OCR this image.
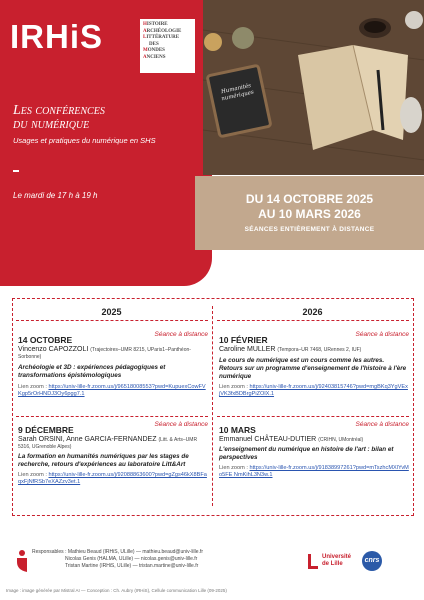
IRHiS	HISTOIRE
ARCHÉOLOGIE
LITTÉRATURE
DES
MONDES
ANCIENS
Les conférences
du numérique
Usages et pratiques du numérique en SHS
Le mardi de 17 h à 19 h
Humanités numériques
DU 14 OCTOBRE 2025
AU 10 MARS 2026
SÉANCES ENTIÈREMENT À DISTANCE
2025	2026
14 OCTOBRE
Séance à distance
Vincenzo CAPOZZOLI (Trajectoires–UMR 8215, UParis1–Panthéon-Sorbonne)
Archéologie et 3D : expériences pédagogiques et transformations épistémologiques
Lien zoom : https://univ-lille-fr.zoom.us/j/96518008553?pwd=KupuexCowFVKgp5rOrHNDJ3Oy6pgg7.1
9 DÉCEMBRE
Séance à distance
Sarah ORSINI, Anne GARCIA-FERNANDEZ (Litt. & Arts–UMR 5316, UGrenoble Alpes)
La formation en humanités numériques par les stages de recherche, retours d'expériences au laboratoire Litt&Art
Lien zoom : https://univ-lille-fr.zoom.us/j/92088863600?pwd=gZgs46kX8BFaqxFjNfRSb7eXAZzv3et.1
10 FÉVRIER
Séance à distance
Caroline MULLER (Tempora–UR 7468, URennes 2, IUF)
Le cours de numérique est un cours comme les autres. Retours sur un programme d'enseignement de l'histoire à l'ère numérique
Lien zoom : https://univ-lille-fr.zoom.us/j/92403815746?pwd=mgBKq3YgVExjVK3fxBDBrgPiZOlX.1
10 MARS
Séance à distance
Emmanuel CHÂTEAU-DUTIER (CRIHN, UMontréal)
L'enseignement du numérique en histoire de l'art : bilan et perspectives
Lien zoom : https://univ-lille-fr.zoom.us/j/91838997261?pwd=mTszhcMXlYvMo5FE NmKihL3N3w.1
Responsables : Mathieu Beaud (IRHiS, ULille) — mathieu.beaud@univ-lille.fr
Nicolas Genis (HALMA, ULille) — nicolas.genis@univ-lille.fr
Tristan Martine (IRHiS, ULille) — tristan.martine@univ-lille.fr
Université de Lille	cnrs
Image : image générée par Mistral AI — Conception : Ch. Aubry (IRHiS), Cellule communication Lille (09-2025)
